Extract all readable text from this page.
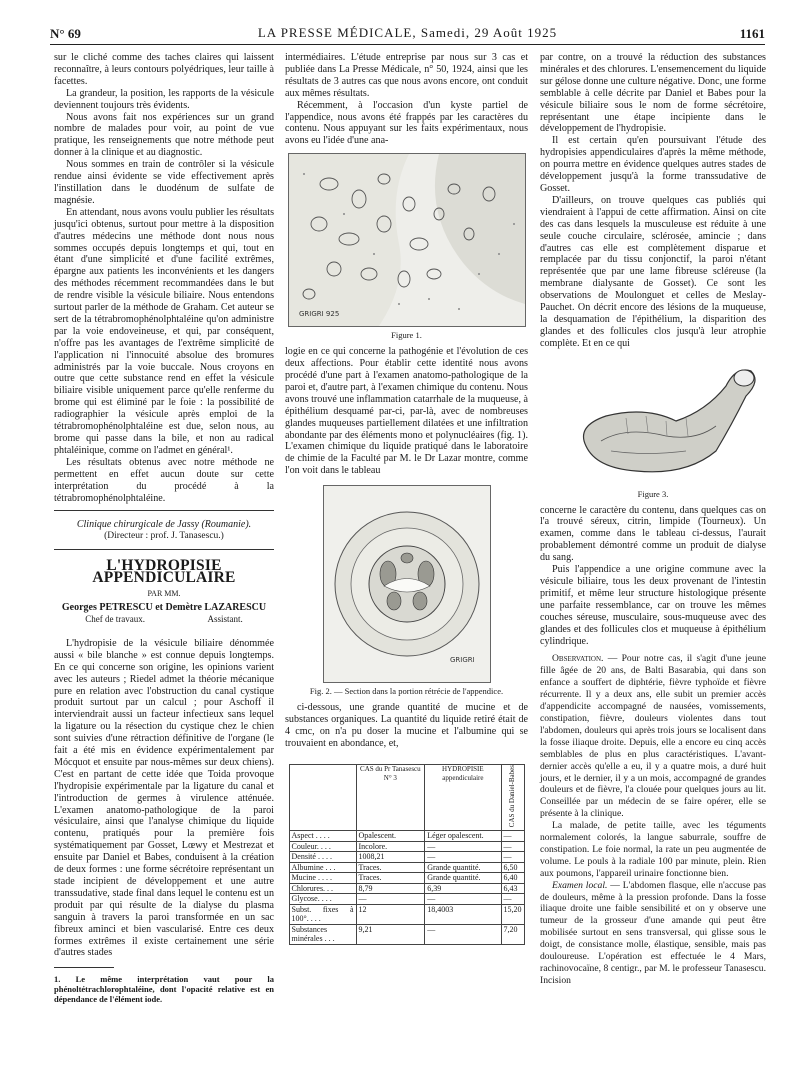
N° 69	LA PRESSE MÉDICALE, Samedi, 29 Août 1925	1161

sur le cliché comme des taches claires qui laissent reconnaître, à leurs contours polyédriques, leur taille à facettes.

La grandeur, la position, les rapports de la vésicule deviennent toujours très évidents.

Nous avons fait nos expériences sur un grand nombre de malades pour voir, au point de vue pratique, les renseignements que notre méthode peut donner à la clinique et au diagnostic.

Nous sommes en train de contrôler si la vésicule rendue ainsi évidente se vide effectivement après l'instillation dans le duodénum de sulfate de magnésie.

En attendant, nous avons voulu publier les résultats jusqu'ici obtenus, surtout pour mettre à la disposition d'autres médecins une méthode dont nous nous sommes occupés depuis longtemps et qui, tout en étant d'une simplicité et d'une facilité extrêmes, épargne aux patients les inconvénients et les dangers des méthodes récemment recommandées dans le but de rendre visible la vésicule biliaire. Nous entendons surtout parler de la méthode de Graham. Cet auteur se sert de la tétrabromophénolphtaléine qu'on administre par la voie endoveineuse, et qui, par conséquent, n'offre pas les avantages de l'extrême simplicité de l'application ni l'innocuité absolue des bromures administrés par la voie buccale. Nous croyons en outre que cette substance rend en effet la vésicule biliaire visible uniquement parce qu'elle renferme du brome qui est éliminé par le foie : la possibilité de radiographier la vésicule après emploi de la tétrabromophénolphtaléine est due, selon nous, au brome qui passe dans la bile, et non au radical phtaléinique, comme on l'admet en général¹.

Les résultats obtenus avec notre méthode ne permettent en effet aucun doute sur cette interprétation du procédé à la tétrabromophénolphtaléine.

Clinique chirurgicale de Jassy (Roumanie).
(Directeur : prof. J. Tanasescu.)
L'HYDROPISIE APPENDICULAIRE
PAR MM.
Georges PETRESCU et Demètre LAZARESCU
Chef de travaux.	Assistant.

L'hydropisie de la vésicule biliaire dénommée aussi « bile blanche » est connue depuis longtemps. En ce qui concerne son origine, les opinions varient avec les auteurs ; Riedel admet la théorie mécanique pure en relation avec l'obstruction du canal cystique produit surtout par un calcul ; pour Aschoff il interviendrait aussi un facteur infectieux sans lequel la ligature ou la résection du cystique chez le chien sont suivies d'une rétraction définitive de l'organe (le fait a été mis en évidence expérimentalement par Mócquot et ensuite par nous-mêmes sur deux chiens). C'est en partant de cette idée que Toida provoque l'hydropisie expérimentale par la ligature du canal et l'introduction de germes à virulence atténuée. L'examen anatomo-pathologique de la paroi vésiculaire, ainsi que l'analyse chimique du liquide contenu, pratiqués pour la première fois systématiquement par Gosset, Lœwy et Mestrezat et ensuite par Daniel et Babes, conduisent à la création de deux formes : une forme sécrétoire représentant un stade incipient de développement et une autre transsudative, stade final dans lequel le contenu est un produit par qui résulte de la dialyse du plasma sanguin à travers la paroi transformée en un sac fibreux aminci et bien vascularisé. Entre ces deux formes extrêmes il existe certainement une série d'autres stades

1. Le même interprétation vaut pour la phénoltétrachlorophtaléine, dont l'opacité relative est en dépendance de l'élément iode.

intermédiaires. L'étude entreprise par nous sur 3 cas et publiée dans La Presse Médicale, n° 50, 1924, ainsi que les résultats de 3 autres cas que nous avons encore, ont conduit aux mêmes résultats.

Récemment, à l'occasion d'un kyste partiel de l'appendice, nous avons été frappés par les caractères du contenu. Nous appuyant sur les faits expérimentaux, nous avons eu l'idée d'une ana-

GRIGRI 925
Figure 1.

logie en ce qui concerne la pathogénie et l'évolution de ces deux affections. Pour établir cette identité nous avons procédé d'une part à l'examen anatomo-pathologique de la paroi et, d'autre part, à l'examen chimique du contenu. Nous avons trouvé une inflammation catarrhale de la muqueuse, à épithélium desquamé par-ci, par-là, avec de nombreuses glandes muqueuses partiellement dilatées et une infiltration abondante par des éléments mono et polynucléaires (fig. 1). L'examen chimique du liquide pratiqué dans le laboratoire de chimie de la Faculté par M. le Dr Lazar montre, comme l'on voit dans le tableau

GRIGRI
Fig. 2. — Section dans la portion rétrécie de l'appendice.

ci-dessous, une grande quantité de mucine et de substances organiques. La quantité du liquide retiré était de 4 cmc, on n'a pu doser la mucine et l'albumine qui se trouvaient en abondance, et,

	CAS du Pr Tanasescu N° 3	HYDROPISIE appendiculaire	CAS du Daniel-Babes
Aspect . . . .	Opalescent.	Léger opalescent.	—
Couleur. . . .	Incolore.	—	—
Densité . . . .	1008,21	—	—
Albumine . . .	Traces.	Grande quantité.	6,50
Mucine . . . .	Traces.	Grande quantité.	6,40
Chlorures. . .	8,79	6,39	6,43
Glycose. . . .	—	—	—
Subst. fixes à 100°. . . .	12	18,4003	15,20
Substances minérales . . .	9,21	—	7,20

par contre, on a trouvé la réduction des substances minérales et des chlorures. L'ensemencement du liquide sur gélose donne une culture négative. Donc, une forme semblable à celle décrite par Daniel et Babes pour la vésicule biliaire sous le nom de forme sécrétoire, représentant une étape incipiente dans le développement de l'hydropisie.

Il est certain qu'en poursuivant l'étude des hydropisies appendiculaires d'après la même méthode, on pourra mettre en évidence quelques autres stades de développement jusqu'à la forme transsudative de Gosset.

D'ailleurs, on trouve quelques cas publiés qui viendraient à l'appui de cette affirmation. Ainsi on cite des cas dans lesquels la musculeuse est réduite à une seule couche circulaire, sclérosée, amincie ; dans d'autres cas elle est complètement disparue et remplacée par du tissu conjonctif, la paroi n'étant représentée que par une lame fibreuse scléreuse (la membrane dialysante de Gosset). Ce sont les observations de Moulonguet et celles de Meslay-Pauchet. On décrit encore des lésions de la muqueuse, la desquamation de l'épithélium, la disparition des glandes et des follicules clos jusqu'à leur atrophie complète. Et en ce qui

Figure 3.

concerne le caractère du contenu, dans quelques cas on l'a trouvé séreux, citrin, limpide (Tourneux). Un examen, comme dans le tableau ci-dessus, l'aurait probablement démontré comme un produit de dialyse du sang.

Puis l'appendice a une origine commune avec la vésicule biliaire, tous les deux provenant de l'intestin primitif, et même leur structure histologique présente une parfaite ressemblance, car on trouve les mêmes couches séreuse, musculaire, sous-muqueuse avec des glandes et des follicules clos et muqueuse à épithélium cylindrique.

Observation. — Pour notre cas, il s'agit d'une jeune fille âgée de 20 ans, de Balti Basarabia, qui dans son enfance a souffert de diphtérie, fièvre typhoïde et fièvre récurrente. Il y a deux ans, elle subit un premier accès d'appendicite accompagné de nausées, vomissements, constipation, fièvre, douleurs violentes dans tout l'abdomen, douleurs qui après trois jours se localisent dans la fosse iliaque droite. Depuis, elle a encore eu cinq accès semblables de plus en plus caractéristiques. L'avant-dernier accès qu'elle a eu, il y a quatre mois, a duré huit jours, et le dernier, il y a un mois, accompagné de grandes douleurs et de fièvre, l'a clouée pour quelques jours au lit. Conseillée par un médecin de se faire opérer, elle se présente à la clinique.

La malade, de petite taille, avec les téguments normalement colorés, la langue saburrale, souffre de constipation. Le foie normal, la rate un peu augmentée de volume. Le pouls à la radiale 100 par minute, plein. Rien aux poumons, l'appareil urinaire fonctionne bien.

Examen local. — L'abdomen flasque, elle n'accuse pas de douleurs, même à la pression profonde. Dans la fosse iliaque droite une faible sensibilité et on y observe une tumeur de la grosseur d'une amande qui peut être mobilisée surtout en sens transversal, qui glisse sous le doigt, de consistance molle, élastique, sensible, mais pas douloureuse. L'opération est effectuée le 4 Mars, rachinovocaïne, 8 centigr., par M. le professeur Tanasescu. Incision
